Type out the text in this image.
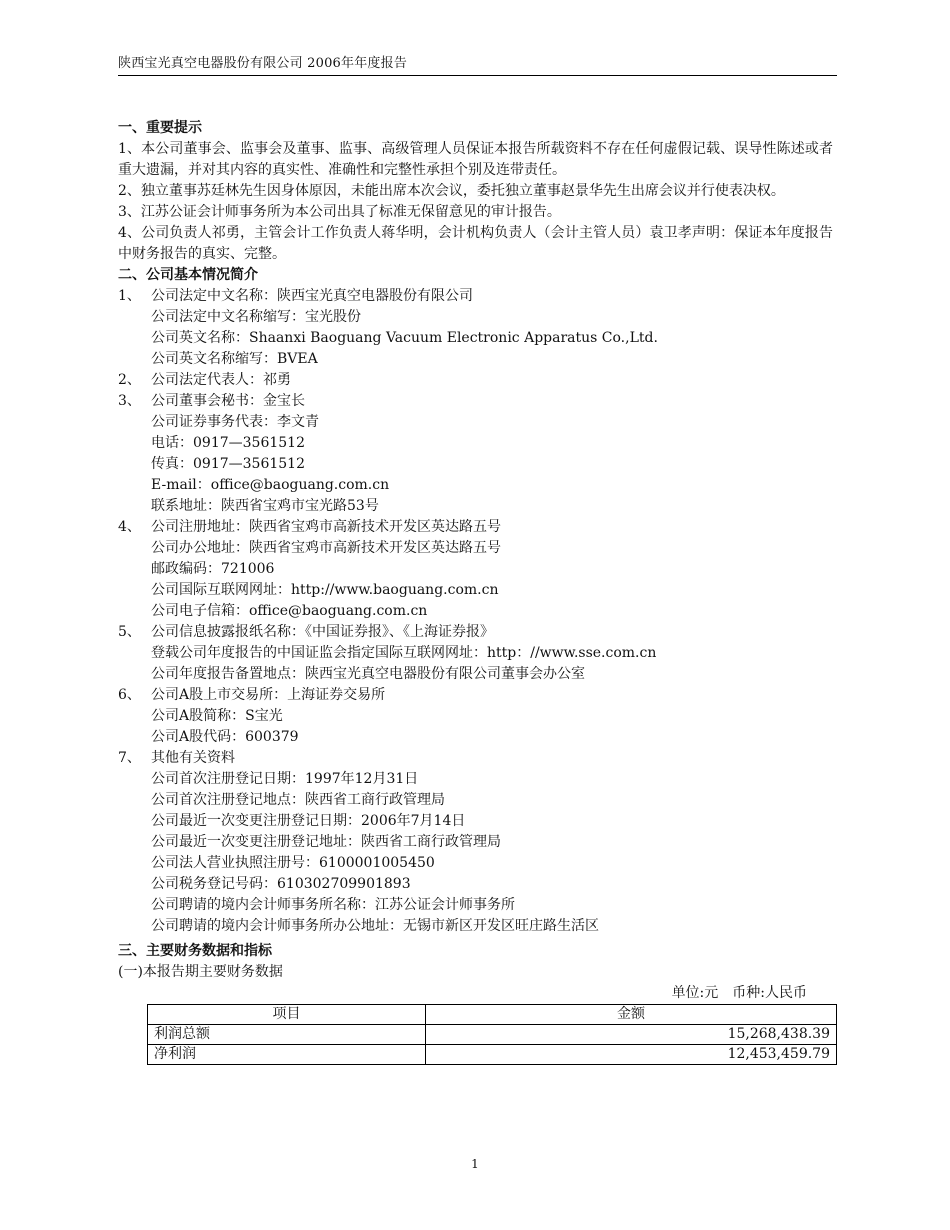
陕西宝光真空电器股份有限公司 2006年年度报告
一、重要提示

1、本公司董事会、监事会及董事、监事、高级管理人员保证本报告所载资料不存在任何虚假记载、误导性陈述或者重大遗漏，并对其内容的真实性、准确性和完整性承担个别及连带责任。

2、独立董事苏廷林先生因身体原因，未能出席本次会议，委托独立董事赵景华先生出席会议并行使表决权。

3、江苏公证会计师事务所为本公司出具了标准无保留意见的审计报告。

4、公司负责人祁勇，主管会计工作负责人蒋华明，会计机构负责人（会计主管人员）袁卫孝声明：保证本年度报告中财务报告的真实、完整。

二、公司基本情况简介
1、 公司法定中文名称：陕西宝光真空电器股份有限公司
公司法定中文名称缩写：宝光股份
公司英文名称：Shaanxi Baoguang Vacuum Electronic Apparatus Co.,Ltd.
公司英文名称缩写：BVEA
2、 公司法定代表人：祁勇
3、 公司董事会秘书：金宝长
公司证券事务代表：李文青
电话：0917—3561512
传真：0917—3561512
E-mail：office@baoguang.com.cn
联系地址：陕西省宝鸡市宝光路53号
4、 公司注册地址：陕西省宝鸡市高新技术开发区英达路五号
公司办公地址：陕西省宝鸡市高新技术开发区英达路五号
邮政编码：721006
公司国际互联网网址：http://www.baoguang.com.cn
公司电子信箱：office@baoguang.com.cn
5、 公司信息披露报纸名称：《中国证券报》、《上海证券报》
登载公司年度报告的中国证监会指定国际互联网网址：http：//www.sse.com.cn
公司年度报告备置地点：陕西宝光真空电器股份有限公司董事会办公室
6、 公司A股上市交易所：上海证券交易所
公司A股简称：S宝光
公司A股代码：600379
7、 其他有关资料
公司首次注册登记日期：1997年12月31日
公司首次注册登记地点：陕西省工商行政管理局
公司最近一次变更注册登记日期：2006年7月14日
公司最近一次变更注册登记地址：陕西省工商行政管理局
公司法人营业执照注册号：6100001005450
公司税务登记号码：610302709901893
公司聘请的境内会计师事务所名称：江苏公证会计师事务所
公司聘请的境内会计师事务所办公地址：无锡市新区开发区旺庄路生活区
三、主要财务数据和指标
(一)本报告期主要财务数据
单位:元　币种:人民币
项目	金额
利润总额	15,268,438.39
净利润	12,453,459.79
1
